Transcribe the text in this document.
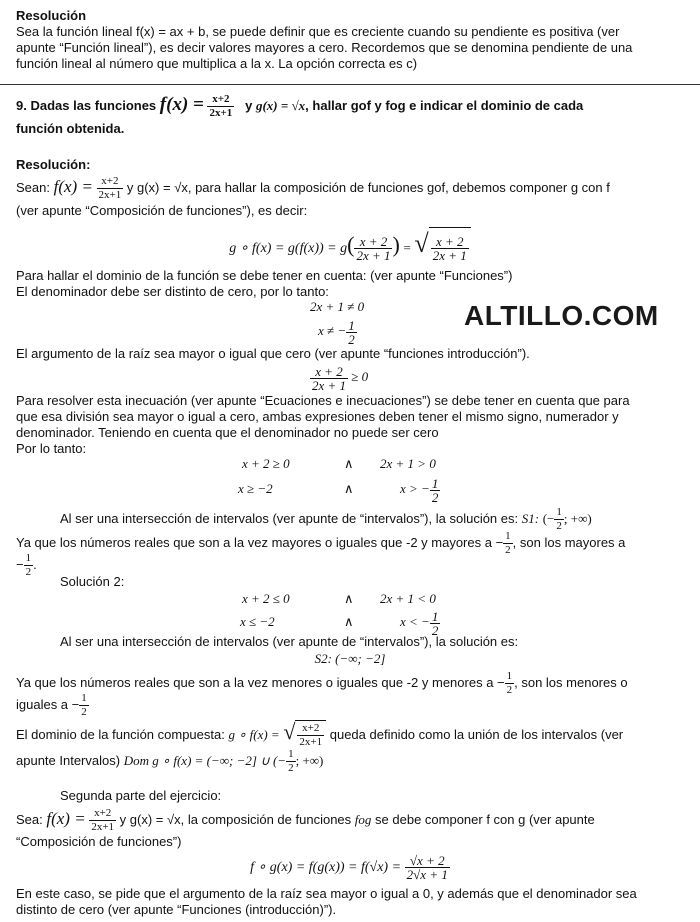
Resolución
Sea la función lineal f(x) = ax + b, se puede definir que es creciente cuando su pendiente es positiva (ver
apunte “Función lineal”), es decir valores mayores a cero. Recordemos que se denomina pendiente de una
función lineal al número que multiplica a la x. La opción correcta es c)
9. Dadas las funciones $f(x) = \frac{x+2}{2x+1}$ y g(x) = √x, hallar gof y fog e indicar el dominio de cada
función obtenida.
Resolución:
Sean: $f(x) = \frac{x+2}{2x+1}$ y g(x) = √x, para hallar la composición de funciones gof, debemos componer g con f
(ver apunte “Composición de funciones”), es decir:
g ∘ $f(x) = g(f(x)) = g( \frac{x + 2}{2x + 1}$ ) = √ $\frac{x + 2}{2x + 1}$
Para hallar el dominio de la función se debe tener en cuenta: (ver apunte “Funciones”)
El denominador debe ser distinto de cero, por lo tanto:
2x + 1 ≠ 0
x ≠ − $\frac{1}{2}$
ALTILLO.COM
El argumento de la raíz sea mayor o igual que cero (ver apunte “funciones introducción”).
$\frac{x + 2}{2x + 1} \ge 0$
Para resolver esta inecuación (ver apunte “Ecuaciones e inecuaciones”) se debe tener en cuenta que para
que esa división sea mayor o igual a cero, ambas expresiones deben tener el mismo signo, numerador y
denominador. Teniendo en cuenta que el denominador no puede ser cero
Por lo tanto:
x + 2 ≥ 0	∧ 2x + 1 > 0
x ≥ −2	∧	x > − $\frac{1}{2}$
Al ser una intersección de intervalos (ver apunte de “intervalos”), la solución es: S1: (− $\frac{1}{2}$ ; +∞)
Ya que los números reales que son a la vez mayores o iguales que -2 y mayores $a - \frac{1}{2}$ , son los mayores a
− $\frac{1}{2}$ .
Solución 2:
x + 2 ≤ 0	∧ 2x + 1 < 0
x ≤ −2	∧	x < − $\frac{1}{2}$
Al ser una intersección de intervalos (ver apunte de “intervalos”), la solución es:
S2: (−∞; −2]
Ya que los números reales que son a la vez menores o iguales que -2 y menores $a - \frac{1}{2}$ , son los menores o
iguales $a - \frac{1}{2}$
El dominio de la función compuesta: g ∘ f(x) = √ $\frac{x+2}{2x+1}$ queda definido como la unión de los intervalos (ver
apunte Intervalos) Dom g ∘ f(x) = (−∞; −2] ∪ (− $\frac{1}{2}$ ; +∞)
Segunda parte del ejercicio:
Sea: $f(x) = \frac{x+2}{2x+1}$ y g(x) = √x, la composición de funciones fog se debe componer f con g (ver apunte
“Composición de funciones”)
f ∘ $g(x) = f(g(x)) = f(√x) = \frac{√x + 2}{2√x + 1}$
En este caso, se pide que el argumento de la raíz sea mayor o igual a 0, y además que el denominador sea
distinto de cero (ver apunte “Funciones (introducción)”).
